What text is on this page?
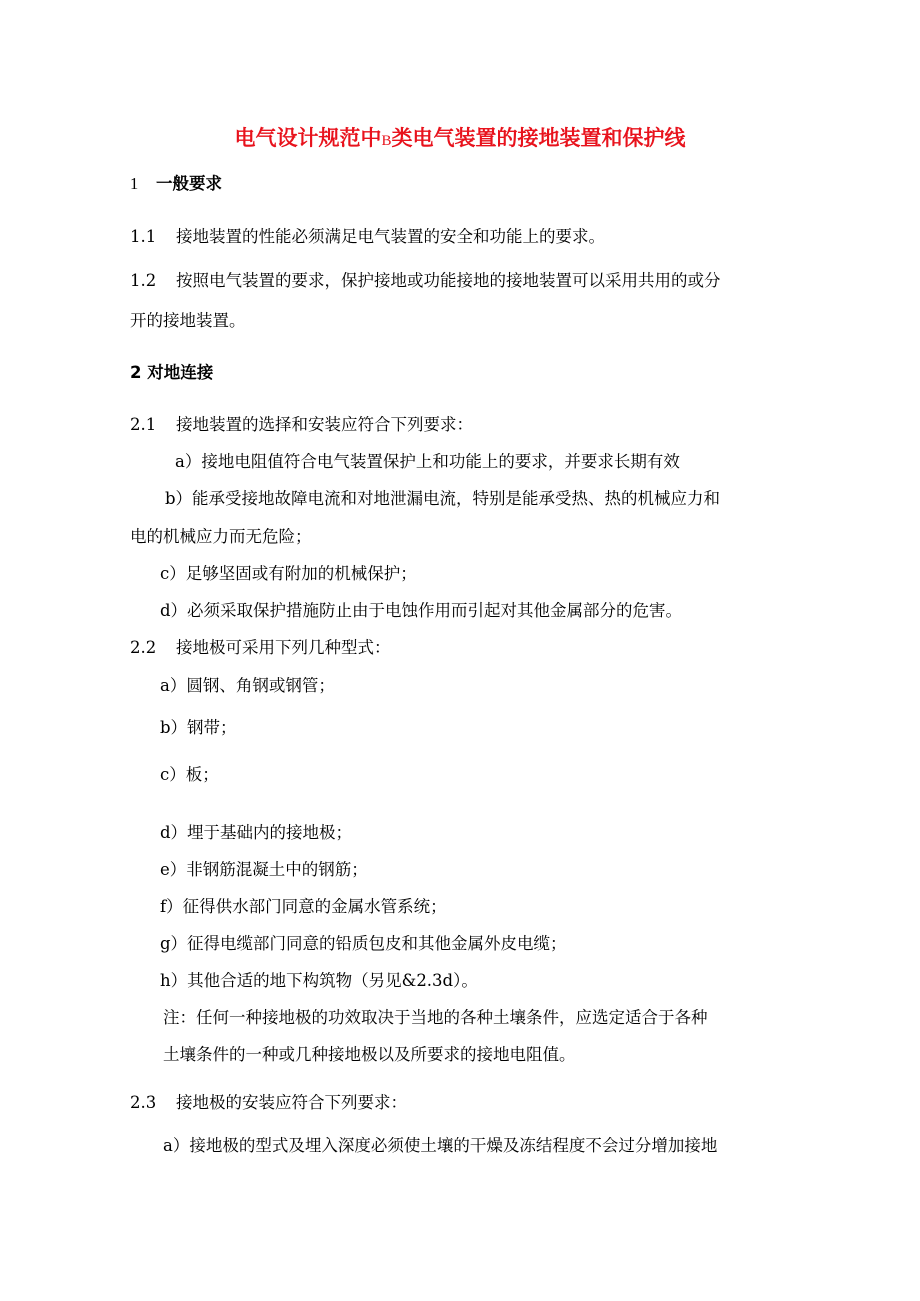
电气设计规范中B类电气装置的接地装置和保护线
1 一般要求
1.1 接地装置的性能必须满足电气装置的安全和功能上的要求。
1.2 按照电气装置的要求，保护接地或功能接地的接地装置可以采用共用的或分
开的接地装置。
2 对地连接
2.1 接地装置的选择和安装应符合下列要求：
a）接地电阻值符合电气装置保护上和功能上的要求，并要求长期有效
b）能承受接地故障电流和对地泄漏电流，特别是能承受热、热的机械应力和
电的机械应力而无危险；
c）足够坚固或有附加的机械保护；
d）必须采取保护措施防止由于电蚀作用而引起对其他金属部分的危害。
2.2 接地极可采用下列几种型式：
a）圆钢、角钢或钢管；
b）钢带；
c）板；
d）埋于基础内的接地极；
e）非钢筋混凝土中的钢筋；
f）征得供水部门同意的金属水管系统；
g）征得电缆部门同意的铅质包皮和其他金属外皮电缆；
h）其他合适的地下构筑物（另见&2.3d）。
注：任何一种接地极的功效取决于当地的各种土壤条件，应选定适合于各种
土壤条件的一种或几种接地极以及所要求的接地电阻值。
2.3 接地极的安装应符合下列要求：
a）接地极的型式及埋入深度必须使土壤的干燥及冻结程度不会过分增加接地
